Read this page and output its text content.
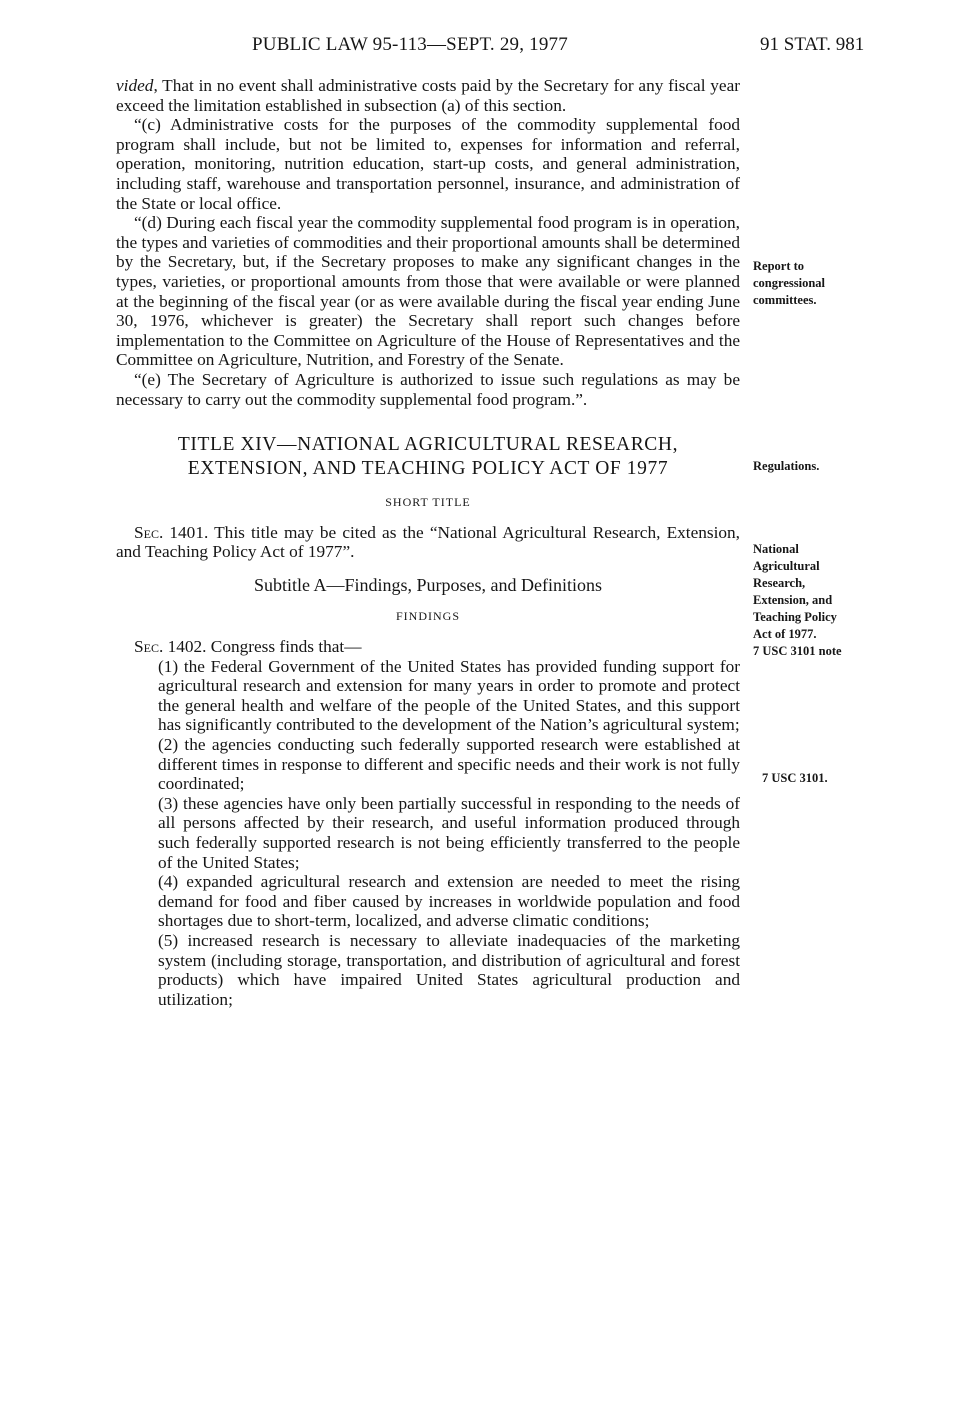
PUBLIC LAW 95-113—SEPT. 29, 1977	91 STAT. 981

vided, That in no event shall administrative costs paid by the Secretary for any fiscal year exceed the limitation established in subsection (a) of this section.

“(c) Administrative costs for the purposes of the commodity supplemental food program shall include, but not be limited to, expenses for information and referral, operation, monitoring, nutrition education, start-up costs, and general administration, including staff, warehouse and transportation personnel, insurance, and administration of the State or local office.

“(d) During each fiscal year the commodity supplemental food program is in operation, the types and varieties of commodities and their proportional amounts shall be determined by the Secretary, but, if the Secretary proposes to make any significant changes in the types, varieties, or proportional amounts from those that were available or were planned at the beginning of the fiscal year (or as were available during the fiscal year ending June 30, 1976, whichever is greater) the Secretary shall report such changes before implementation to the Committee on Agriculture of the House of Representatives and the Committee on Agriculture, Nutrition, and Forestry of the Senate.

“(e) The Secretary of Agriculture is authorized to issue such regulations as may be necessary to carry out the commodity supplemental food program.”.

TITLE XIV—NATIONAL AGRICULTURAL RESEARCH,
EXTENSION, AND TEACHING POLICY ACT OF 1977
SHORT TITLE

Sec. 1401. This title may be cited as the “National Agricultural Research, Extension, and Teaching Policy Act of 1977”.

Subtitle A—Findings, Purposes, and Definitions
FINDINGS

Sec. 1402. Congress finds that—

(1) the Federal Government of the United States has provided funding support for agricultural research and extension for many years in order to promote and protect the general health and welfare of the people of the United States, and this support has significantly contributed to the development of the Nation’s agricultural system;

(2) the agencies conducting such federally supported research were established at different times in response to different and specific needs and their work is not fully coordinated;

(3) these agencies have only been partially successful in responding to the needs of all persons affected by their research, and useful information produced through such federally supported research is not being efficiently transferred to the people of the United States;

(4) expanded agricultural research and extension are needed to meet the rising demand for food and fiber caused by increases in worldwide population and food shortages due to short-term, localized, and adverse climatic conditions;

(5) increased research is necessary to alleviate inadequacies of the marketing system (including storage, transportation, and distribution of agricultural and forest products) which have impaired United States agricultural production and utilization;

Report to
congressional
committees.
Regulations.
National
Agricultural
Research,
Extension, and
Teaching Policy
Act of 1977.
7 USC 3101 note
7 USC 3101.
